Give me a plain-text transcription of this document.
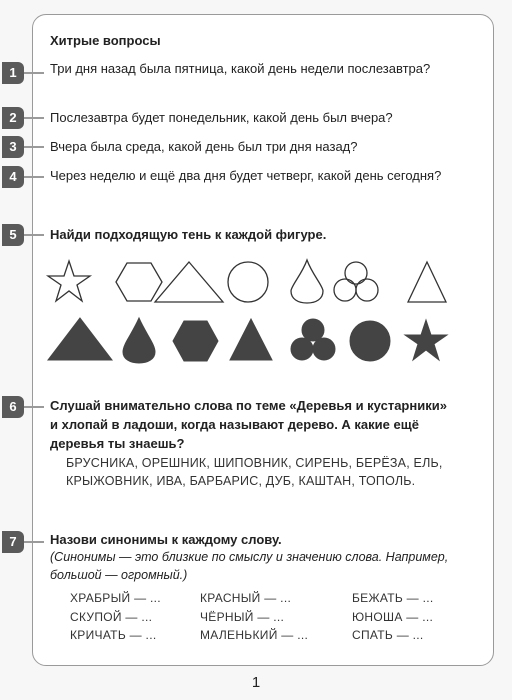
Хитрые вопросы
1	Три дня назад была пятница, какой день недели послезавтра?
2	Послезавтра будет понедельник, какой день был вчера?
3	Вчера была среда, какой день был три дня назад?
4	Через неделю и ещё два дня будет четверг, какой день сегодня?
5	Найди подходящую тень к каждой фигуре.
6	Слушай внимательно слова по теме «Деревья и кустарники» и хлопай в ладоши, когда называют дерево. А какие ещё деревья ты знаешь?
БРУСНИКА, ОРЕШНИК, ШИПОВНИК, СИРЕНЬ, БЕРЁЗА, ЕЛЬ, КРЫЖОВНИК, ИВА, БАРБАРИС, ДУБ, КАШТАН, ТОПОЛЬ.
7	Назови синонимы к каждому слову.
(Синонимы — это близкие по смыслу и значению слова. Например, большой — огромный.)
ХРАБРЫЙ — ...	КРАСНЫЙ — ...	БЕЖАТЬ — ...
СКУПОЙ — ...	ЧЁРНЫЙ — ...	ЮНОША — ...
КРИЧАТЬ — ...	МАЛЕНЬКИЙ — ...	СПАТЬ — ...
1
